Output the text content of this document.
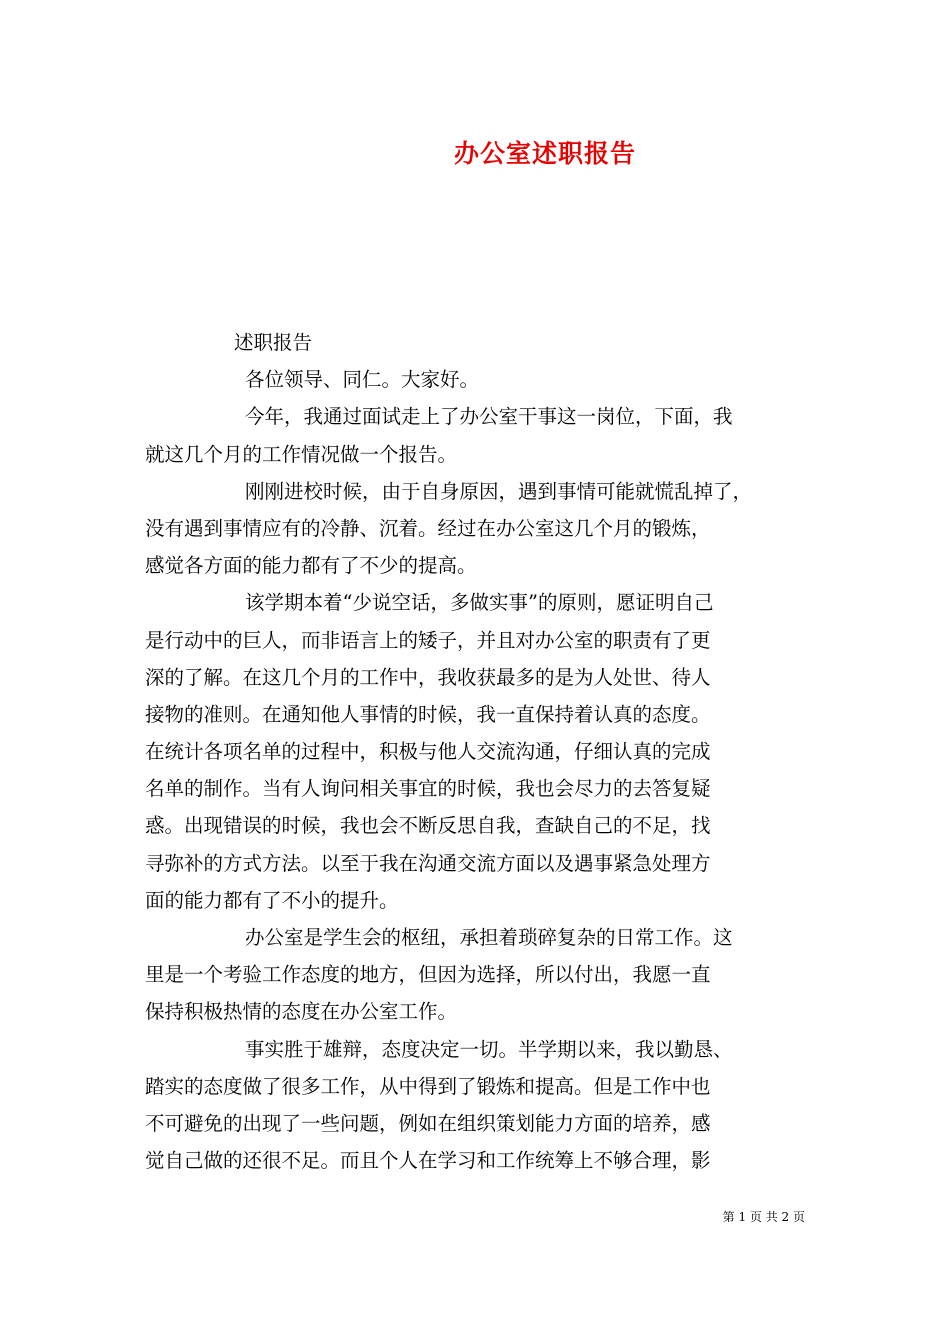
办公室述职报告
述职报告
各位领导、同仁。大家好。
今年，我通过面试走上了办公室干事这一岗位，下面，我
就这几个月的工作情况做一个报告。
刚刚进校时候，由于自身原因，遇到事情可能就慌乱掉了，
没有遇到事情应有的冷静、沉着。经过在办公室这几个月的锻炼，
感觉各方面的能力都有了不少的提高。
该学期本着“少说空话，多做实事”的原则，愿证明自己
是行动中的巨人，而非语言上的矮子，并且对办公室的职责有了更
深的了解。在这几个月的工作中，我收获最多的是为人处世、待人
接物的准则。在通知他人事情的时候，我一直保持着认真的态度。
在统计各项名单的过程中，积极与他人交流沟通，仔细认真的完成
名单的制作。当有人询问相关事宜的时候，我也会尽力的去答复疑
惑。出现错误的时候，我也会不断反思自我，查缺自己的不足，找
寻弥补的方式方法。以至于我在沟通交流方面以及遇事紧急处理方
面的能力都有了不小的提升。
办公室是学生会的枢纽，承担着琐碎复杂的日常工作。这
里是一个考验工作态度的地方，但因为选择，所以付出，我愿一直
保持积极热情的态度在办公室工作。
事实胜于雄辩，态度决定一切。半学期以来，我以勤恳、
踏实的态度做了很多工作，从中得到了锻炼和提高。但是工作中也
不可避免的出现了一些问题，例如在组织策划能力方面的培养，感
觉自己做的还很不足。而且个人在学习和工作统筹上不够合理，影
第 1 页 共 2 页
